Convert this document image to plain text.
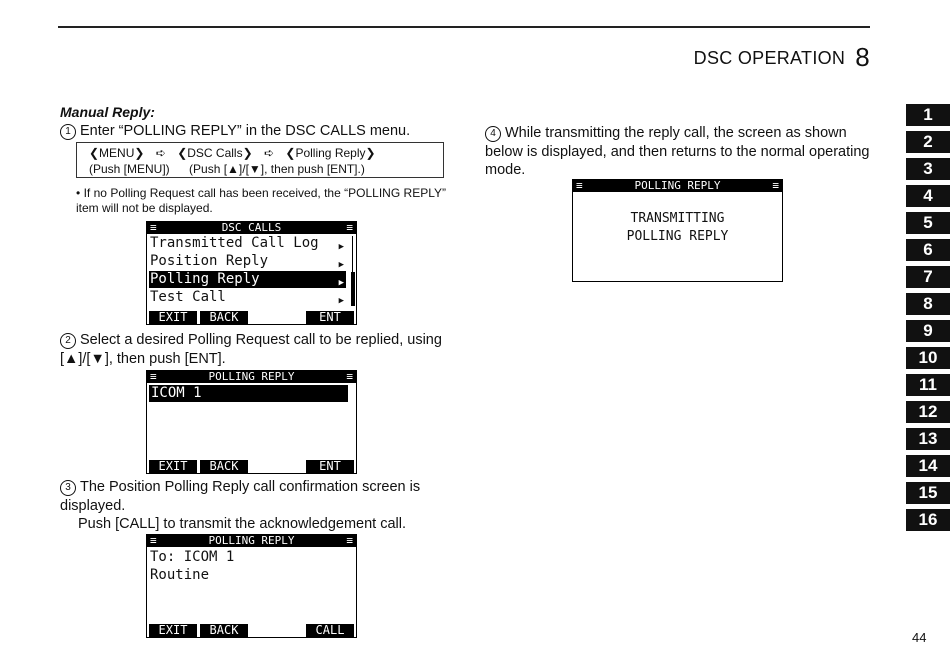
DSC OPERATION 8
Manual Reply:
1 Enter “POLLING REPLY” in the DSC CALLS menu.
❮MENU❯ ➪ ❮DSC Calls❯ ➪ ❮Polling Reply❯
(Push [MENU]) (Push [▲]/[▼], then push [ENT].)
• If no Polling Request call has been received, the “POLLING REPLY” item will not be displayed.
≡	DSC CALLS	≡
Transmitted Call Log ▶
Position Reply	▶
Polling Reply	▶
Test Call	▶
EXIT	BACK	ENT
2 Select a desired Polling Request call to be replied, using [▲]/[▼], then push [ENT].
≡	POLLING REPLY	≡
ICOM 1
EXIT	BACK	ENT
3 The Position Polling Reply call confirmation screen is displayed.
Push [CALL] to transmit the acknowledgement call.
≡	POLLING REPLY	≡
To: ICOM 1
Routine
EXIT	BACK	CALL
4 While transmitting the reply call, the screen as shown below is displayed, and then returns to the normal operating mode.
≡	POLLING REPLY	≡
TRANSMITTING
POLLING REPLY
1
2
3
4
5
6
7
8
9
10
11
12
13
14
15
16
44
